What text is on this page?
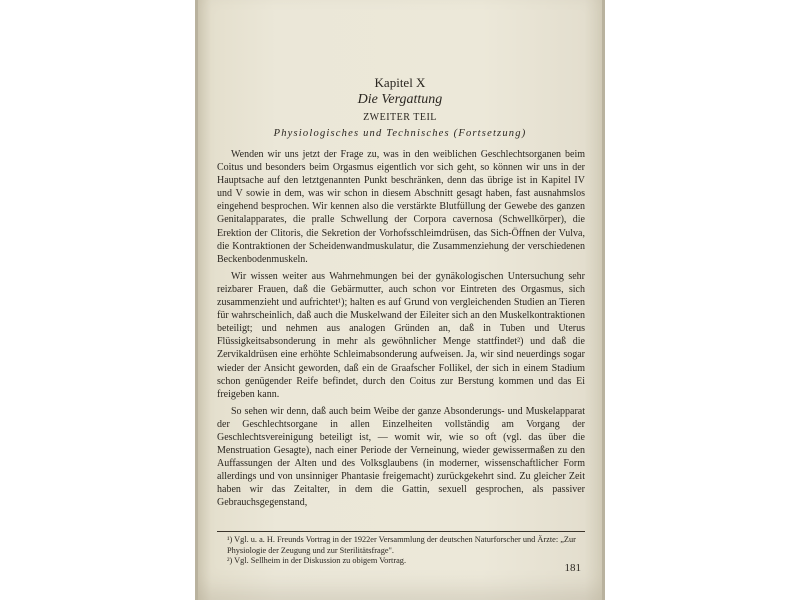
Kapitel X
Die Vergattung
ZWEITER TEIL
Physiologisches und Technisches (Fortsetzung)

Wenden wir uns jetzt der Frage zu, was in den weiblichen Geschlechtsorganen beim Coitus und besonders beim Orgasmus eigentlich vor sich geht, so können wir uns in der Hauptsache auf den letztgenannten Punkt beschränken, denn das übrige ist in Kapitel IV und V sowie in dem, was wir schon in diesem Abschnitt gesagt haben, fast ausnahmslos eingehend besprochen. Wir kennen also die verstärkte Blutfüllung der Gewebe des ganzen Genitalapparates, die pralle Schwellung der Corpora cavernosa (Schwellkörper), die Erektion der Clitoris, die Sekretion der Vorhofsschleimdrüsen, das Sich-Öffnen der Vulva, die Kontraktionen der Scheidenwandmuskulatur, die Zusammenziehung der verschiedenen Beckenbodenmuskeln.

Wir wissen weiter aus Wahrnehmungen bei der gynäkologischen Untersuchung sehr reizbarer Frauen, daß die Gebärmutter, auch schon vor Eintreten des Orgasmus, sich zusammenzieht und aufrichtet¹); halten es auf Grund von vergleichenden Studien an Tieren für wahrscheinlich, daß auch die Muskelwand der Eileiter sich an den Muskelkontraktionen beteiligt; und nehmen aus analogen Gründen an, daß in Tuben und Uterus Flüssigkeitsabsonderung in mehr als gewöhnlicher Menge stattfindet²) und daß die Zervikaldrüsen eine erhöhte Schleimabsonderung aufweisen. Ja, wir sind neuerdings sogar wieder der Ansicht geworden, daß ein de Graafscher Follikel, der sich in einem Stadium schon genügender Reife befindet, durch den Coitus zur Berstung kommen und das Ei freigeben kann.

So sehen wir denn, daß auch beim Weibe der ganze Absonderungs- und Muskelapparat der Geschlechtsorgane in allen Einzelheiten vollständig am Vorgang der Geschlechtsvereinigung beteiligt ist, — womit wir, wie so oft (vgl. das über die Menstruation Gesagte), nach einer Periode der Verneinung, wieder gewissermaßen zu den Auffassungen der Alten und des Volksglaubens (in moderner, wissenschaftlicher Form allerdings und von unsinniger Phantasie freigemacht) zurückgekehrt sind. Zu gleicher Zeit haben wir das Zeitalter, in dem die Gattin, sexuell gesprochen, als passiver Gebrauchsgegenstand,

¹) Vgl. u. a. H. Freunds Vortrag in der 1922er Versammlung der deutschen Naturforscher und Ärzte: „Zur Physiologie der Zeugung und zur Sterilitätsfrage".

²) Vgl. Sellheim in der Diskussion zu obigem Vortrag.

181
